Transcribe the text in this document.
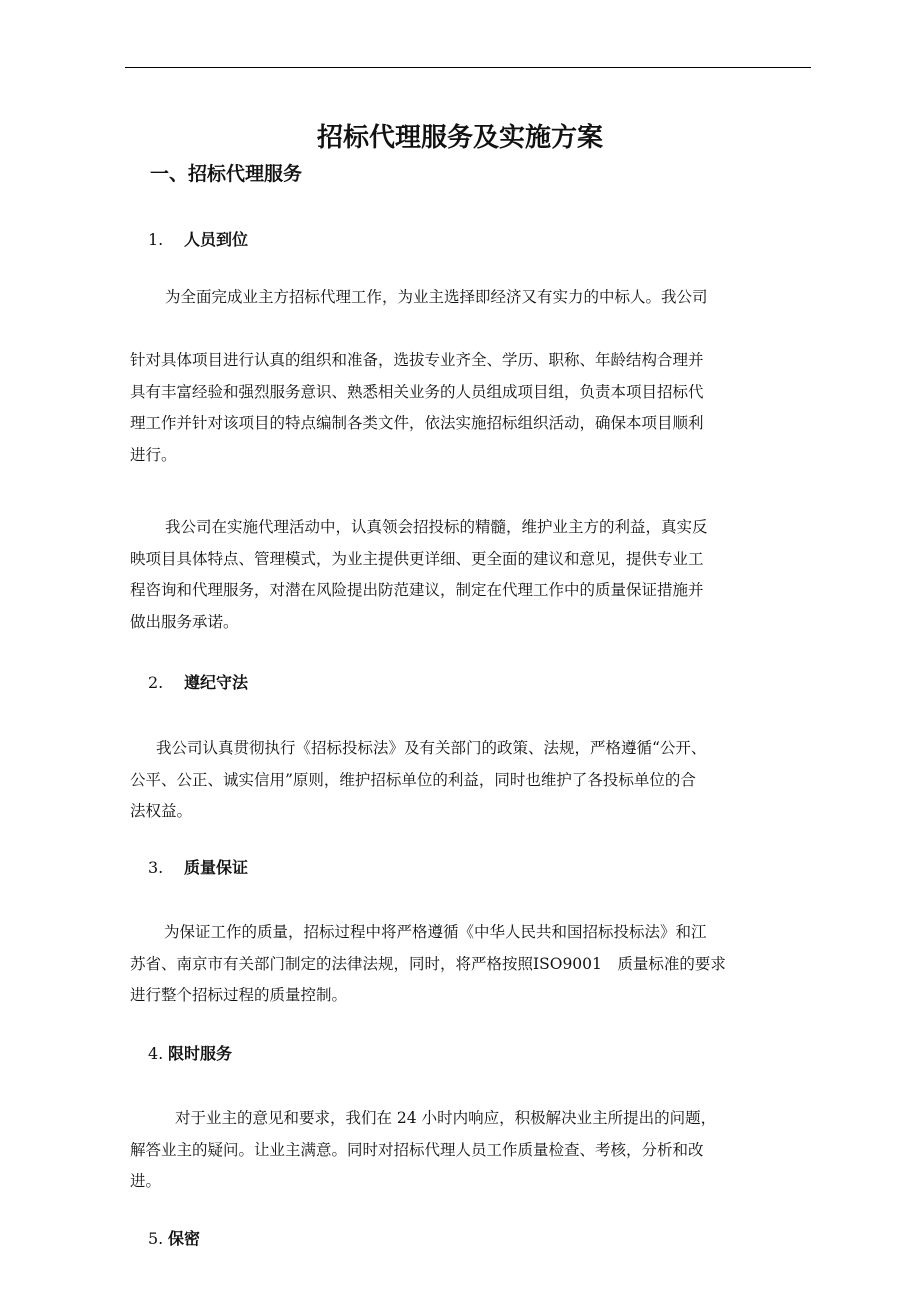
招标代理服务及实施方案
一、招标代理服务
1. 人员到位

为全面完成业主方招标代理工作，为业主选择即经济又有实力的中标人。我公司

针对具体项目进行认真的组织和准备，选拔专业齐全、学历、职称、年龄结构合理并
具有丰富经验和强烈服务意识、熟悉相关业务的人员组成项目组，负责本项目招标代
理工作并针对该项目的特点编制各类文件，依法实施招标组织活动，确保本项目顺利
进行。

我公司在实施代理活动中，认真领会招投标的精髓，维护业主方的利益，真实反
映项目具体特点、管理模式，为业主提供更详细、更全面的建议和意见，提供专业工
程咨询和代理服务，对潜在风险提出防范建议，制定在代理工作中的质量保证措施并
做出服务承诺。

2. 遵纪守法

我公司认真贯彻执行《招标投标法》及有关部门的政策、法规，严格遵循“公开、
公平、公正、诚实信用”原则，维护招标单位的利益，同时也维护了各投标单位的合
法权益。

3. 质量保证

为保证工作的质量，招标过程中将严格遵循《中华人民共和国招标投标法》和江
苏省、南京市有关部门制定的法律法规，同时，将严格按照ISO9001　质量标准的要求
进行整个招标过程的质量控制。

4. 限时服务

对于业主的意见和要求，我们在 24 小时内响应，积极解决业主所提出的问题，
解答业主的疑问。让业主满意。同时对招标代理人员工作质量检查、考核，分析和改
进。

5. 保密
